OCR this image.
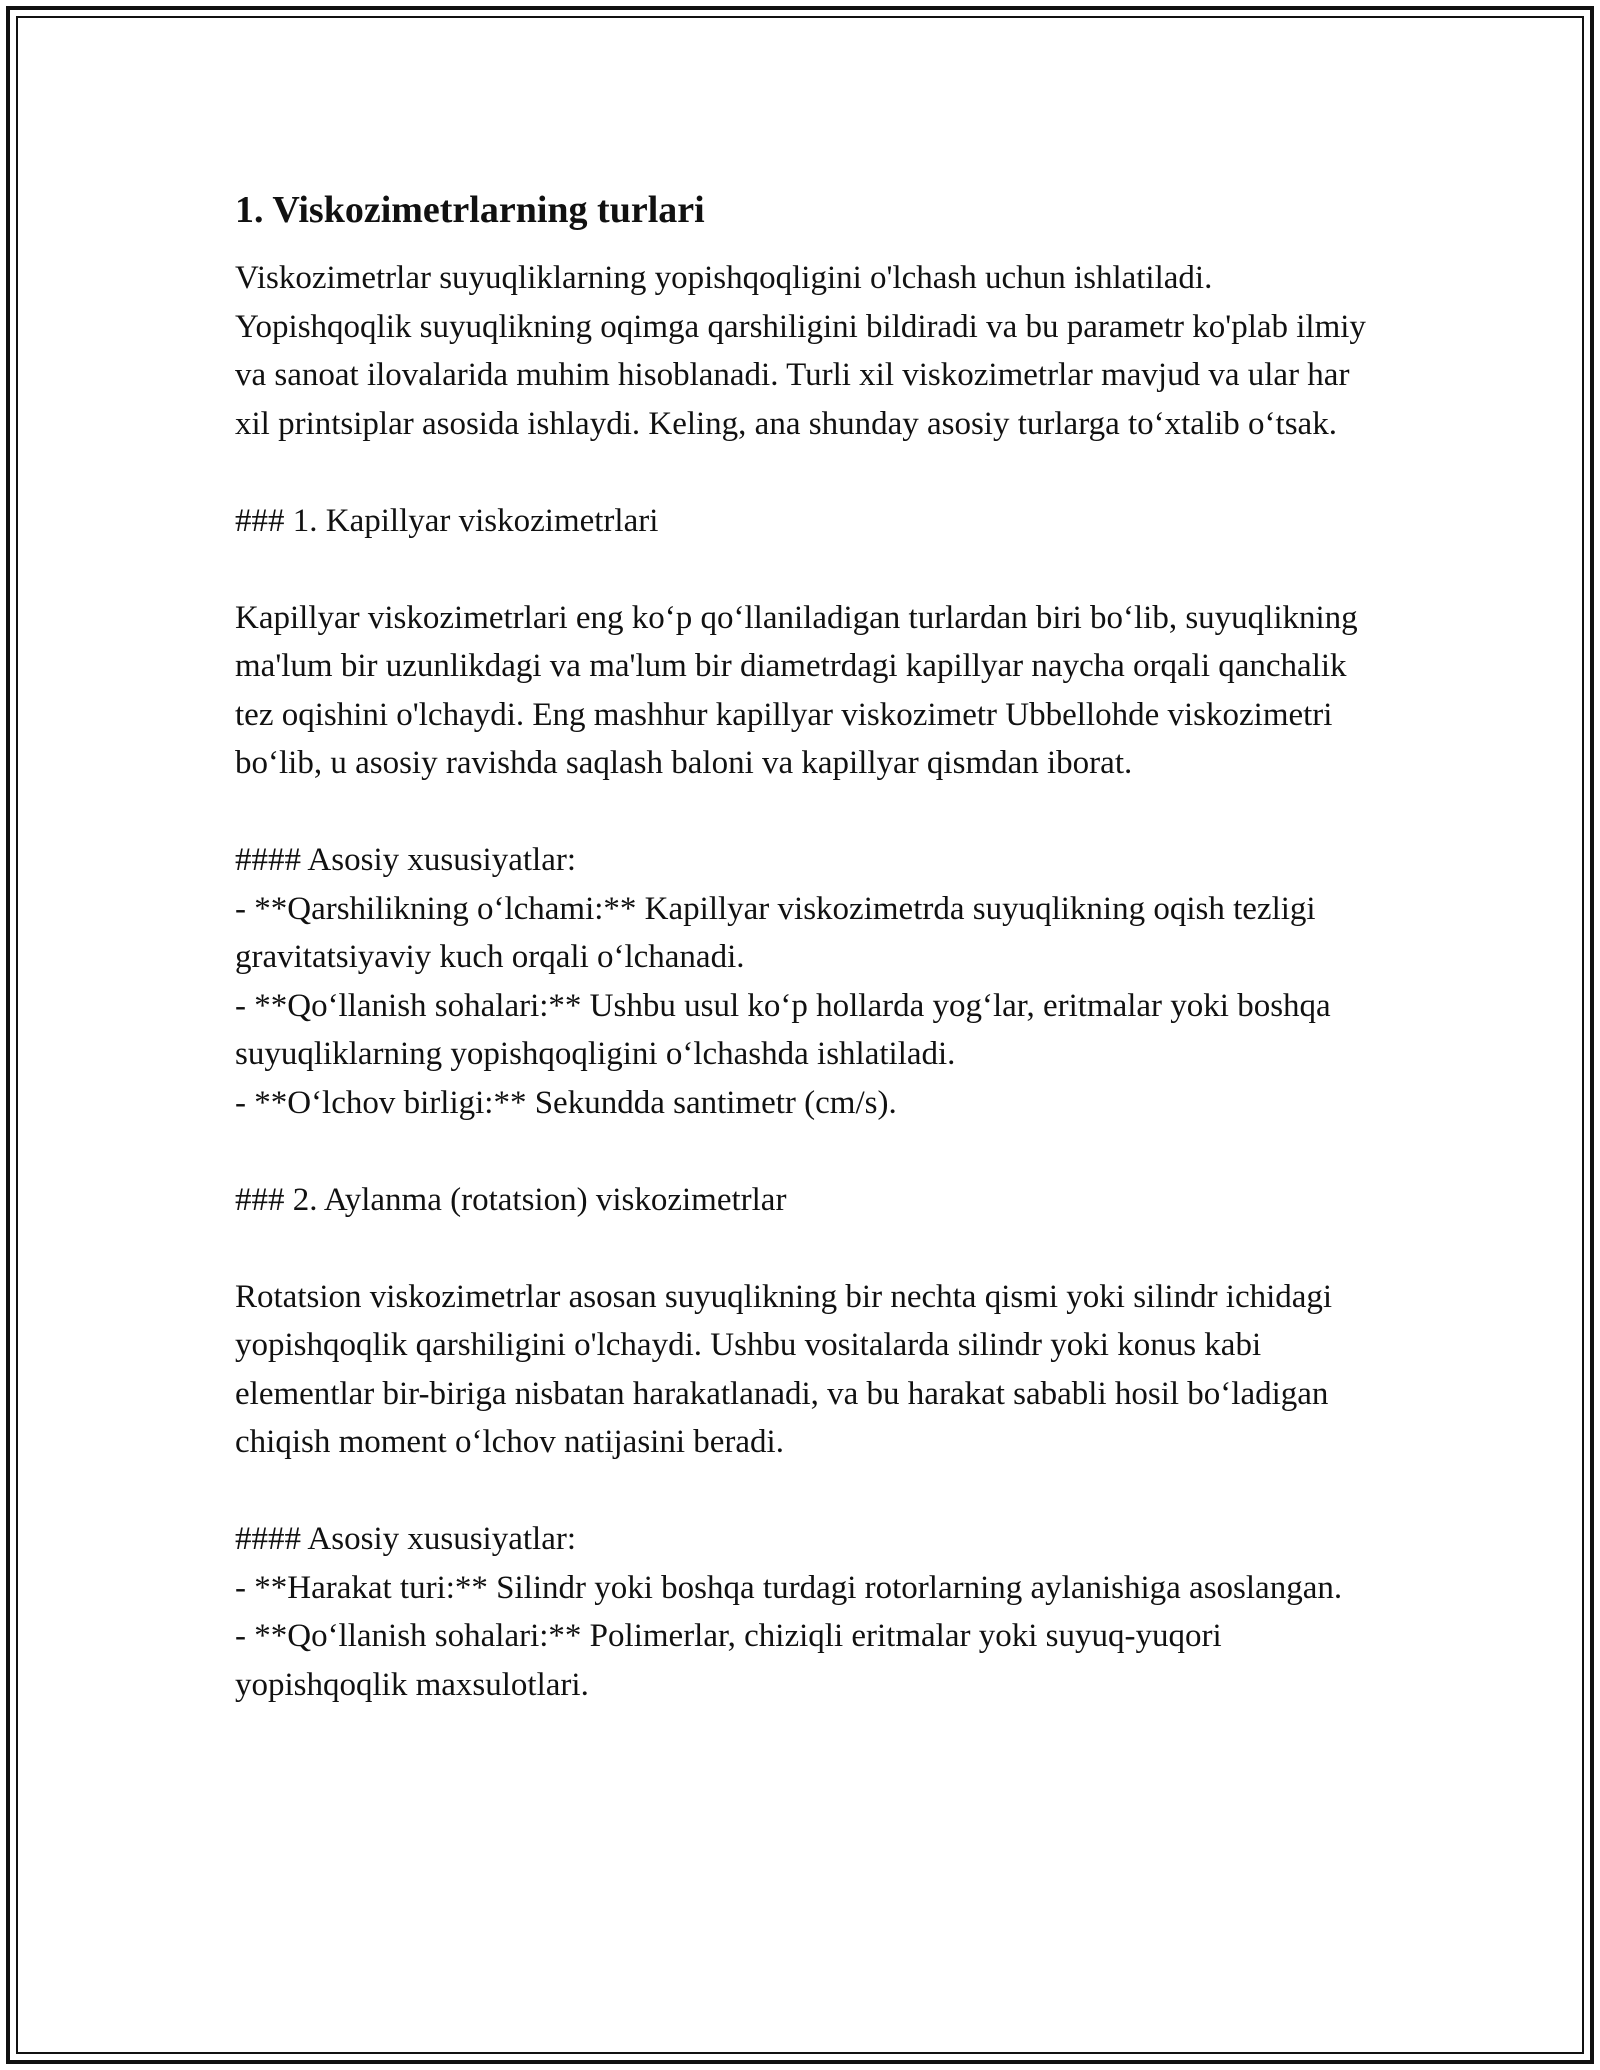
1. Viskozimetrlarning turlari

Viskozimetrlar suyuqliklarning yopishqoqligini o'lchash uchun ishlatiladi. Yopishqoqlik suyuqlikning oqimga qarshiligini bildiradi va bu parametr ko'plab ilmiy va sanoat ilovalarida muhim hisoblanadi. Turli xil viskozimetrlar mavjud va ular har xil printsiplar asosida ishlaydi. Keling, ana shunday asosiy turlarga to‘xtalib o‘tsak.

### 1. Kapillyar viskozimetrlari

Kapillyar viskozimetrlari eng ko‘p qo‘llaniladigan turlardan biri bo‘lib, suyuqlikning ma'lum bir uzunlikdagi va ma'lum bir diametrdagi kapillyar naycha orqali qanchalik tez oqishini o'lchaydi. Eng mashhur kapillyar viskozimetr Ubbellohde viskozimetri bo‘lib, u asosiy ravishda saqlash baloni va kapillyar qismdan iborat.

#### Asosiy xususiyatlar:

- **Qarshilikning o‘lchami:** Kapillyar viskozimetrda suyuqlikning oqish tezligi gravitatsiyaviy kuch orqali o‘lchanadi.

- **Qo‘llanish sohalari:** Ushbu usul ko‘p hollarda yog‘lar, eritmalar yoki boshqa suyuqliklarning yopishqoqligini o‘lchashda ishlatiladi.

- **O‘lchov birligi:** Sekundda santimetr (cm/s).

### 2. Aylanma (rotatsion) viskozimetrlar

Rotatsion viskozimetrlar asosan suyuqlikning bir nechta qismi yoki silindr ichidagi yopishqoqlik qarshiligini o'lchaydi. Ushbu vositalarda silindr yoki konus kabi elementlar bir-biriga nisbatan harakatlanadi, va bu harakat sababli hosil bo‘ladigan chiqish moment o‘lchov natijasini beradi.

#### Asosiy xususiyatlar:

- **Harakat turi:** Silindr yoki boshqa turdagi rotorlarning aylanishiga asoslangan.

- **Qo‘llanish sohalari:** Polimerlar, chiziqli eritmalar yoki suyuq-yuqori yopishqoqlik maxsulotlari.
